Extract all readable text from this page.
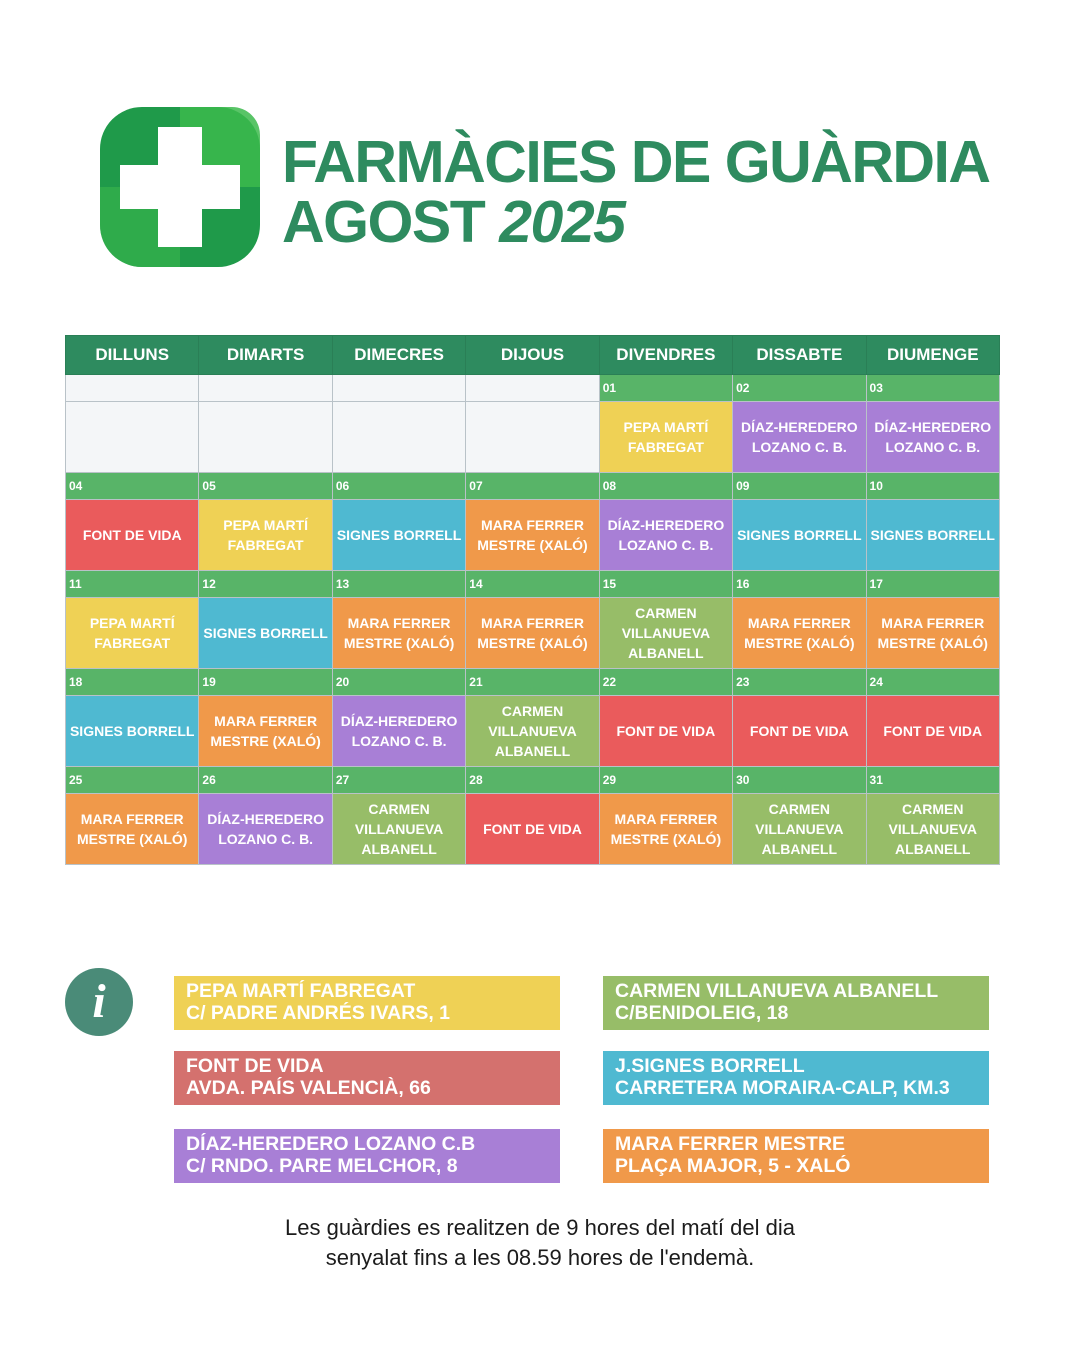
FARMÀCIES DE GUÀRDIA
AGOST 2025
DILLUNS	DIMARTS	DIMECRES	DIJOUS	DIVENDRES	DISSABTE	DIUMENGE
				01	02	03
				PEPA MARTÍ FABREGAT	DÍAZ-HEREDERO LOZANO C. B.	DÍAZ-HEREDERO LOZANO C. B.
04	05	06	07	08	09	10
FONT DE VIDA	PEPA MARTÍ FABREGAT	SIGNES BORRELL	MARA FERRER MESTRE (XALÓ)	DÍAZ-HEREDERO LOZANO C. B.	SIGNES BORRELL	SIGNES BORRELL
11	12	13	14	15	16	17
PEPA MARTÍ FABREGAT	SIGNES BORRELL	MARA FERRER MESTRE (XALÓ)	MARA FERRER MESTRE (XALÓ)	CARMEN VILLANUEVA ALBANELL	MARA FERRER MESTRE (XALÓ)	MARA FERRER MESTRE (XALÓ)
18	19	20	21	22	23	24
SIGNES BORRELL	MARA FERRER MESTRE (XALÓ)	DÍAZ-HEREDERO LOZANO C. B.	CARMEN VILLANUEVA ALBANELL	FONT DE VIDA	FONT DE VIDA	FONT DE VIDA
25	26	27	28	29	30	31
MARA FERRER MESTRE (XALÓ)	DÍAZ-HEREDERO LOZANO C. B.	CARMEN VILLANUEVA ALBANELL	FONT DE VIDA	MARA FERRER MESTRE (XALÓ)	CARMEN VILLANUEVA ALBANELL	CARMEN VILLANUEVA ALBANELL
i	PEPA MARTÍ FABREGAT
C/ PADRE ANDRÉS IVARS, 1
FONT DE VIDA
AVDA. PAÍS VALENCIÀ, 66
DÍAZ-HEREDERO LOZANO C.B
C/ RNDO. PARE MELCHOR, 8
CARMEN VILLANUEVA ALBANELL
C/BENIDOLEIG, 18
J.SIGNES BORRELL
CARRETERA MORAIRA-CALP, KM.3
MARA FERRER MESTRE
PLAÇA MAJOR, 5 - XALÓ

Les guàrdies es realitzen de 9 hores del matí del dia
senyalat fins a les 08.59 hores de l'endemà.
